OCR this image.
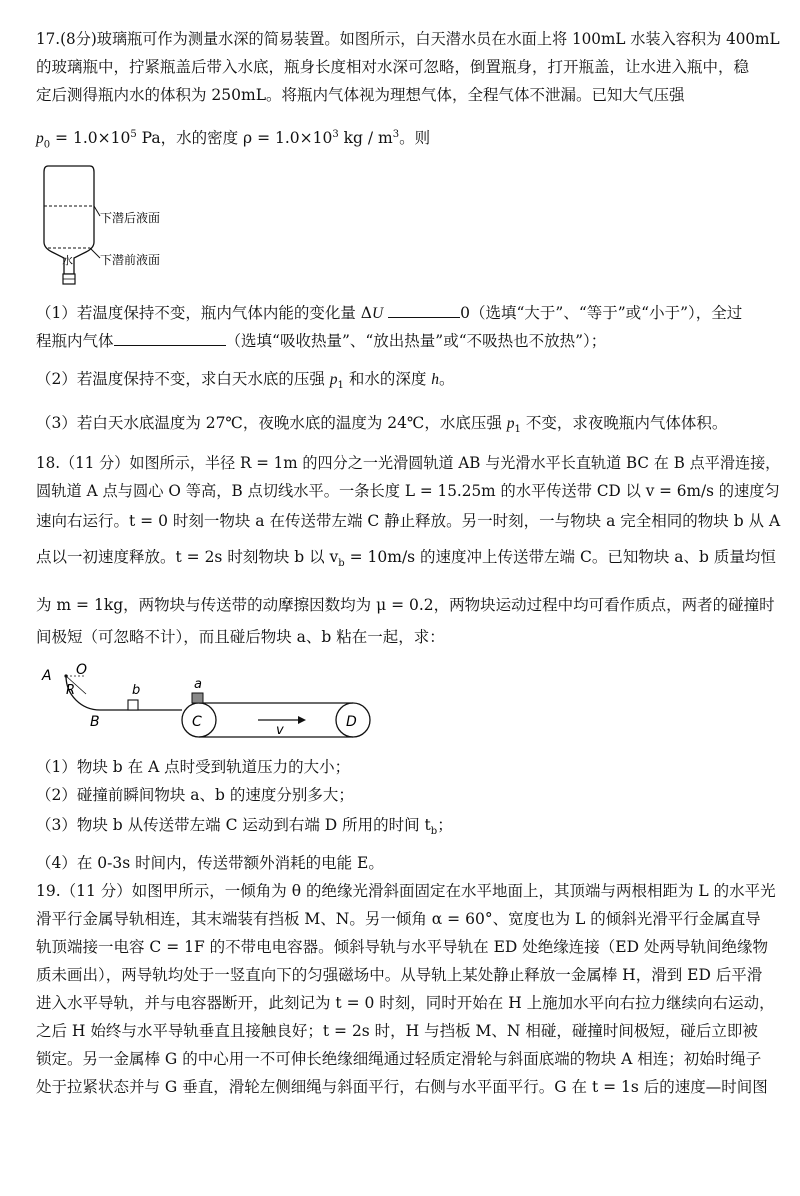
17.(8分)玻璃瓶可作为测量水深的简易装置。如图所示，白天潜水员在水面上将 100mL 水装入容积为 400mL
的玻璃瓶中，拧紧瓶盖后带入水底，瓶身长度相对水深可忽略，倒置瓶身，打开瓶盖，让水进入瓶中，稳
定后测得瓶内水的体积为 250mL。将瓶内气体视为理想气体，全程气体不泄漏。已知大气压强
$p_0 = 1.0\times 10^5$ Pa，水的密度 $\rho = 1.0\times 10^3$ kg / $m^3$。则
水
下潜后液面
下潜前液面
（1）若温度保持不变，瓶内气体内能的变化量 ΔU	0（选填“大于”、“等于”或“小于”），全过
程瓶内气体	（选填“吸收热量”、“放出热量”或“不吸热也不放热”）；
（2）若温度保持不变，求白天水底的压强 $p_1$ 和水的深度 h。
（3）若白天水底温度为 27℃，夜晚水底的温度为 24℃，水底压强 $p_1$ 不变，求夜晚瓶内气体体积。
18.（11 分）如图所示，半径 R = 1m 的四分之一光滑圆轨道 AB 与光滑水平长直轨道 BC 在 B 点平滑连接，
圆轨道 A 点与圆心 O 等高，B 点切线水平。一条长度 L = 15.25m 的水平传送带 CD 以 v = 6m/s 的速度匀
速向右运行。t = 0 时刻一物块 a 在传送带左端 C 静止释放。另一时刻，一与物块 a 完全相同的物块 b 从 A
点以一初速度释放。t = 2s 时刻物块 b 以 $v_b = 10m/s$ 的速度冲上传送带左端 C。已知物块 a、b 质量均恒
为 m = 1kg，两物块与传送带的动摩擦因数均为 μ = 0.2，两物块运动过程中均可看作质点，两者的碰撞时
间极短（可忽略不计），而且碰后物块 a、b 粘在一起，求：
A O
R
B
b	a
C	D
v
（1）物块 b 在 A 点时受到轨道压力的大小；
（2）碰撞前瞬间物块 a、b 的速度分别多大；
（3）物块 b 从传送带左端 C 运动到右端 D 所用的时间 $t_b$；
（4）在 0-3s 时间内，传送带额外消耗的电能 E。
19.（11 分）如图甲所示，一倾角为 θ 的绝缘光滑斜面固定在水平地面上，其顶端与两根相距为 L 的水平光
滑平行金属导轨相连，其末端装有挡板 M、N。另一倾角 α = 60°、宽度也为 L 的倾斜光滑平行金属直导
轨顶端接一电容 C = 1F 的不带电电容器。倾斜导轨与水平导轨在 ED 处绝缘连接（ED 处两导轨间绝缘物
质未画出），两导轨均处于一竖直向下的匀强磁场中。从导轨上某处静止释放一金属棒 H，滑到 ED 后平滑
进入水平导轨，并与电容器断开，此刻记为 t = 0 时刻，同时开始在 H 上施加水平向右拉力继续向右运动，
之后 H 始终与水平导轨垂直且接触良好；t = 2s 时，H 与挡板 M、N 相碰，碰撞时间极短，碰后立即被
锁定。另一金属棒 G 的中心用一不可伸长绝缘细绳通过轻质定滑轮与斜面底端的物块 A 相连；初始时绳子
处于拉紧状态并与 G 垂直，滑轮左侧细绳与斜面平行，右侧与水平面平行。G 在 t = 1s 后的速度—时间图
